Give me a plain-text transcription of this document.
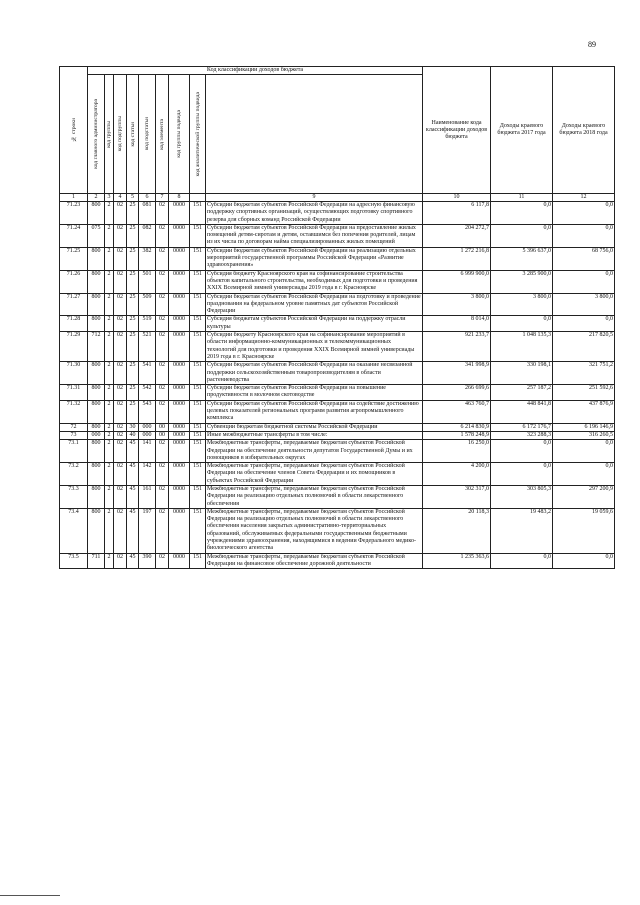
89
№ строки	Код классификации доходов бюджета									Наименование кода классификации доходов бюджета	Доходы краевого бюджета 2017 года	Доходы краевого бюджета 2018 года	

	код главного администратора	код группы	код подгруппы	код статьи	код подстатьи	код элемента	код группы подвида	код аналитической группы подвида					

1	2	3	4	5	6	7	8		9	10	11	12	
71.23	800	2	02	25	081	02	0000	151	Субсидии бюджетам субъектов Российской Федерации на адресную финансовую поддержку спортивных организаций, осуществляющих подготовку спортивного резерва для сборных команд Российской Федерации	6 117,8	0,0	0,0	
71.24	075	2	02	25	082	02	0000	151	Субсидии бюджетам субъектов Российской Федерации на предоставление жилых помещений детям-сиротам и детям, оставшимся без попечения родителей, лицам из их числа по договорам найма специализированных жилых помещений	204 272,7	0,0	0,0	
71.25	800	2	02	25	382	02	0000	151	Субсидии бюджетам субъектов Российской Федерации на реализацию отдельных мероприятий государственной программы Российской Федерации «Развитие здравоохранения»	1 272 216,8	5 396 637,0	68 756,0	
71.26	800	2	02	25	501	02	0000	151	Субсидия бюджету Красноярского края на софинансирование строительства объектов капитального строительства, необходимых для подготовки и проведения XXIX Всемирной зимней универсиады 2019 года в г. Красноярске	6 999 900,0	3 285 900,0	0,0	
71.27	800	2	02	25	509	02	0000	151	Субсидии бюджетам субъектов Российской Федерации на подготовку и проведение празднования на федеральном уровне памятных дат субъектов Российской Федерации	3 800,0	3 800,0	3 800,0	
71.28	800	2	02	25	519	02	0000	151	Субсидия бюджетам субъектов Российской Федерации на поддержку отрасли культуры	8 014,0	0,0	0,0	
71.29	712	2	02	25	521	02	0000	151	Субсидии бюджету Красноярского края на софинансирование мероприятий в области информационно-коммуникационных и телекоммуникационных технологий для подготовки и проведения XXIX Всемирной зимней универсиады 2019 года в г. Красноярске	921 233,7	1 048 135,3	217 820,5	
71.30	800	2	02	25	541	02	0000	151	Субсидии бюджетам субъектов Российской Федерации на оказание несвязанной поддержки сельскохозяйственным товаропроизводителям в области растениеводства	341 998,9	330 198,1	321 751,2	
71.31	800	2	02	25	542	02	0000	151	Субсидии бюджетам субъектов Российской Федерации на повышение продуктивности в молочном скотоводстве	266 699,6	257 187,2	251 592,6	
71.32	800	2	02	25	543	02	0000	151	Субсидии бюджетам субъектов Российской Федерации на содействие достижению целевых показателей региональных программ развития агропромышленного комплекса	463 760,7	448 841,8	437 876,9	
72	800	2	02	30	000	00	0000	151	Субвенции бюджетам бюджетной системы Российской Федерации	6 214 830,9	6 172 176,7	6 196 146,9	
73	000	2	02	40	000	00	0000	151	Иные межбюджетные трансферты в том числе:	1 578 248,9	323 288,3	316 260,5	
73.1	800	2	02	45	141	02	0000	151	Межбюджетные трансферты, передаваемые бюджетам субъектов Российской Федерации на обеспечение деятельности депутатов Государственной Думы и их помощников в избирательных округах	16 250,0	0,0	0,0	
73.2	800	2	02	45	142	02	0000	151	Межбюджетные трансферты, передаваемые бюджетам субъектов Российской Федерации на обеспечение членов Совета Федерации и их помощников в субъектах Российской Федерации	4 200,0	0,0	0,0	
73.3	800	2	02	45	161	02	0000	151	Межбюджетные трансферты, передаваемые бюджетам субъектов Российской Федерации на реализацию отдельных полномочий в области лекарственного обеспечения	302 317,0	303 805,3	297 200,9	
73.4	800	2	02	45	197	02	0000	151	Межбюджетные трансферты, передаваемые бюджетам субъектов Российской Федерации на реализацию отдельных полномочий в области лекарственного обеспечения населения закрытых административно-территориальных образований, обслуживаемых федеральными государственными бюджетными учреждениями здравоохранения, находящимися в ведении Федерального медико-биологического агентства	20 118,3	19 483,2	19 059,6	
73.5	711	2	02	45	390	02	0000	151	Межбюджетные трансферты, передаваемые бюджетам субъектов Российской Федерации на финансовое обеспечение дорожной деятельности	1 235 363,6	0,0	0,0	
